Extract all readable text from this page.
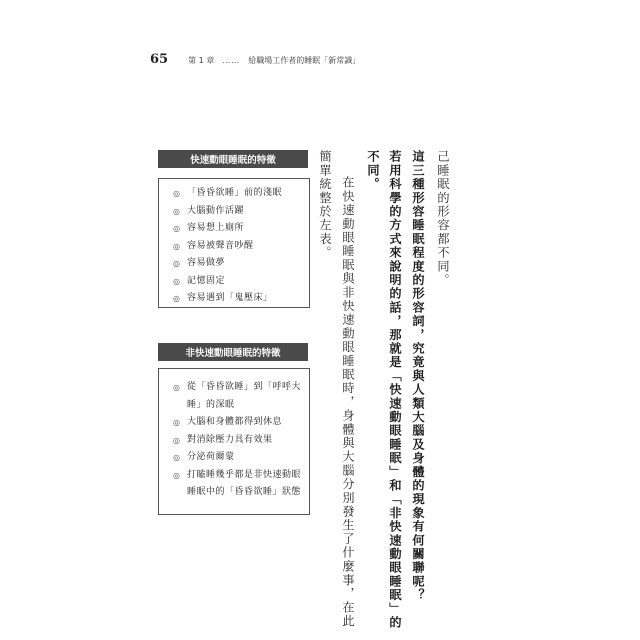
65	第 1 章 …… 給職場工作者的睡眠「新常識」
快速動眼睡眠的特徵
◎ 「昏昏欲睡」前的淺眠
◎ 大腦動作活躍
◎ 容易想上廁所
◎ 容易被聲音吵醒
◎ 容易做夢
◎ 記憶固定
◎ 容易遇到「鬼壓床」
非快速動眼睡眠的特徵
◎ 從「昏昏欲睡」到「呼呼大睡」的深眠
◎ 大腦和身體都得到休息
◎ 對消除壓力具有效果
◎ 分泌荷爾蒙
◎ 打瞌睡幾乎都是非快速動眼睡眠中的「昏昏欲睡」狀態
己睡眠的形容都不同。
這三種形容睡眠程度的形容詞，究竟與人類大腦及身體的現象有何關聯呢？
若用科學的方式來說明的話，那就是「快速動眼睡眠」和「非快速動眼睡眠」的
不同。
在快速動眼睡眠與非快速動眼睡眠時，身體與大腦分別發生了什麼事，在此
簡單統整於左表。
